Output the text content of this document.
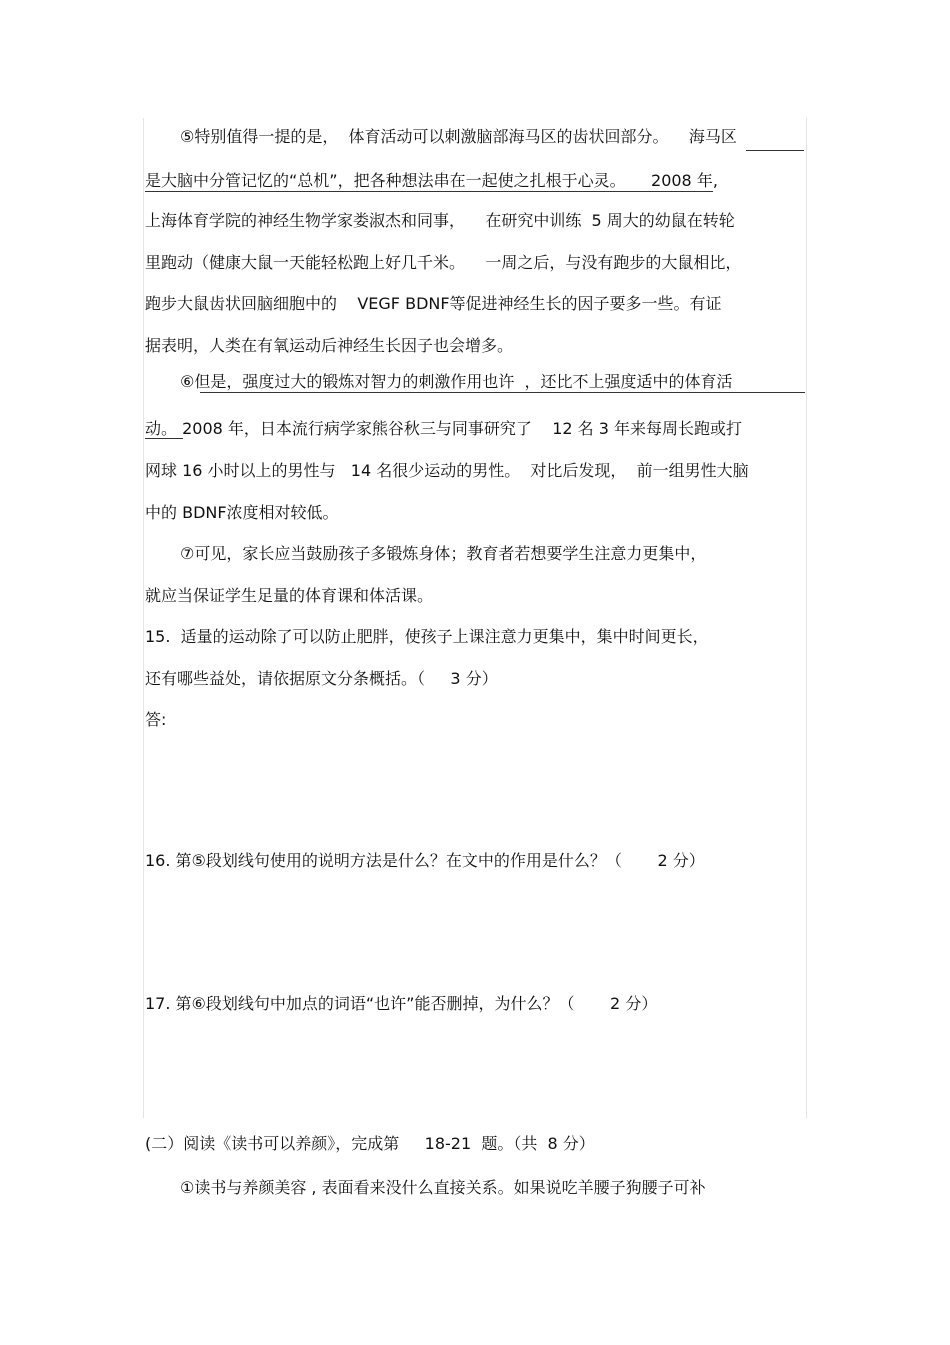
⑤特别值得一提的是，  体育活动可以刺激脑部海马区的齿状回部分。    海马区
是大脑中分管记忆的“总机”，把各种想法串在一起使之扎根于心灵。     2008 年,
上海体育学院的神经生物学家娄淑杰和同事，    在研究中训练  5 周大的幼鼠在转轮
里跑动（健康大鼠一天能轻松跑上好几千米。    一周之后，与没有跑步的大鼠相比，
跑步大鼠齿状回脑细胞中的    VEGF BDNF等促进神经生长的因子要多一些。有证
据表明，人类在有氧运动后神经生长因子也会增多。
⑥但是，强度过大的锻炼对智力的刺激作用也许  ，还比不上强度适中的体育活
动。 2008 年，日本流行病学家熊谷秋三与同事研究了    12 名 3 年来每周长跑或打
网球 16 小时以上的男性与   14 名很少运动的男性。  对比后发现，  前一组男性大脑
中的 BDNF浓度相对较低。
⑦可见，家长应当鼓励孩子多锻炼身体；教育者若想要学生注意力更集中，
就应当保证学生足量的体育课和体活课。
15.  适量的运动除了可以防止肥胖，使孩子上课注意力更集中，集中时间更长，
还有哪些益处，请依据原文分条概括。（     3 分）
答:
16. 第⑤段划线句使用的说明方法是什么？在文中的作用是什么？（       2 分）
17. 第⑥段划线句中加点的词语“也许”能否删掉，为什么？（       2 分）
(二）阅读《读书可以养颜》，完成第     18-21  题。（共  8 分）
①读书与养颜美容 , 表面看来没什么直接关系。如果说吃羊腰子狗腰子可补
